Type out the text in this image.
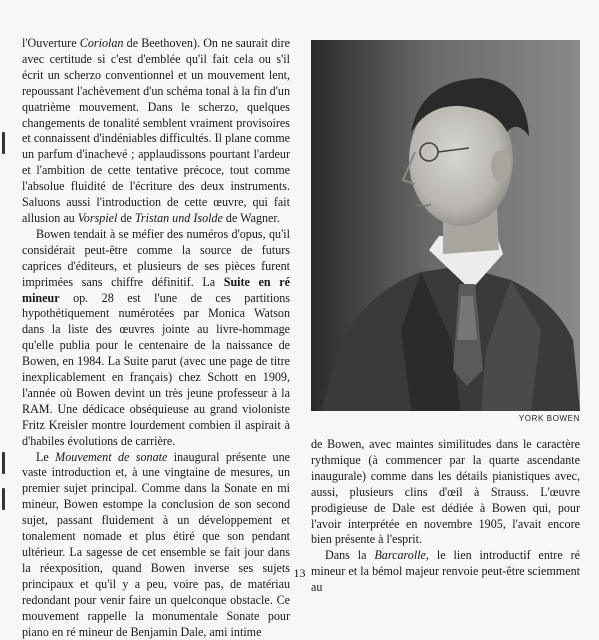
l'Ouverture Coriolan de Beethoven). On ne saurait dire avec certitude si c'est d'emblée qu'il fait cela ou s'il écrit un scherzo conventionnel et un mouvement lent, repoussant l'achèvement d'un schéma tonal à la fin d'un quatrième mouvement. Dans le scherzo, quelques changements de tonalité semblent vraiment provisoires et connaissent d'indéniables difficultés. Il plane comme un parfum d'inachevé ; applaudissons pourtant l'ardeur et l'ambition de cette tentative précoce, tout comme l'absolue fluidité de l'écriture des deux instruments. Saluons aussi l'introduction de cette œuvre, qui fait allusion au Vorspiel de Tristan und Isolde de Wagner.

Bowen tendait à se méfier des numéros d'opus, qu'il considérait peut-être comme la source de futurs caprices d'éditeurs, et plusieurs de ses pièces furent imprimées sans chiffre définitif. La Suite en ré mineur op. 28 est l'une de ces partitions hypothétiquement numérotées par Monica Watson dans la liste des œuvres jointe au livre-hommage qu'elle publia pour le centenaire de la naissance de Bowen, en 1984. La Suite parut (avec une page de titre inexplicablement en français) chez Schott en 1909, l'année où Bowen devint un très jeune professeur à la RAM. Une dédicace obséquieuse au grand violoniste Fritz Kreisler montre lourdement combien il aspirait à d'habiles évolutions de carrière.

Le Mouvement de sonate inaugural présente une vaste introduction et, à une vingtaine de mesures, un premier sujet principal. Comme dans la Sonate en mi mineur, Bowen estompe la conclusion de son second sujet, passant fluidement à un développement et tonalement nomade et plus étiré que son pendant ultérieur. La sagesse de cet ensemble se fait jour dans la réexposition, quand Bowen inverse ses sujets principaux et qu'il y a peu, voire pas, de matériau redondant pour venir faire un quelconque obstacle. Ce mouvement rappelle la monumentale Sonate pour piano en ré mineur de Benjamin Dale, ami intime

YORK BOWEN

de Bowen, avec maintes similitudes dans le caractère rythmique (à commencer par la quarte ascendante inaugurale) comme dans les détails pianistiques avec, aussi, plusieurs clins d'œil à Strauss. L'œuvre prodigieuse de Dale est dédiée à Bowen qui, pour l'avoir interprétée en novembre 1905, l'avait encore bien présente à l'esprit.

Dans la Barcarolle, le lien introductif entre ré mineur et la bémol majeur renvoie peut-être sciemment au

13
